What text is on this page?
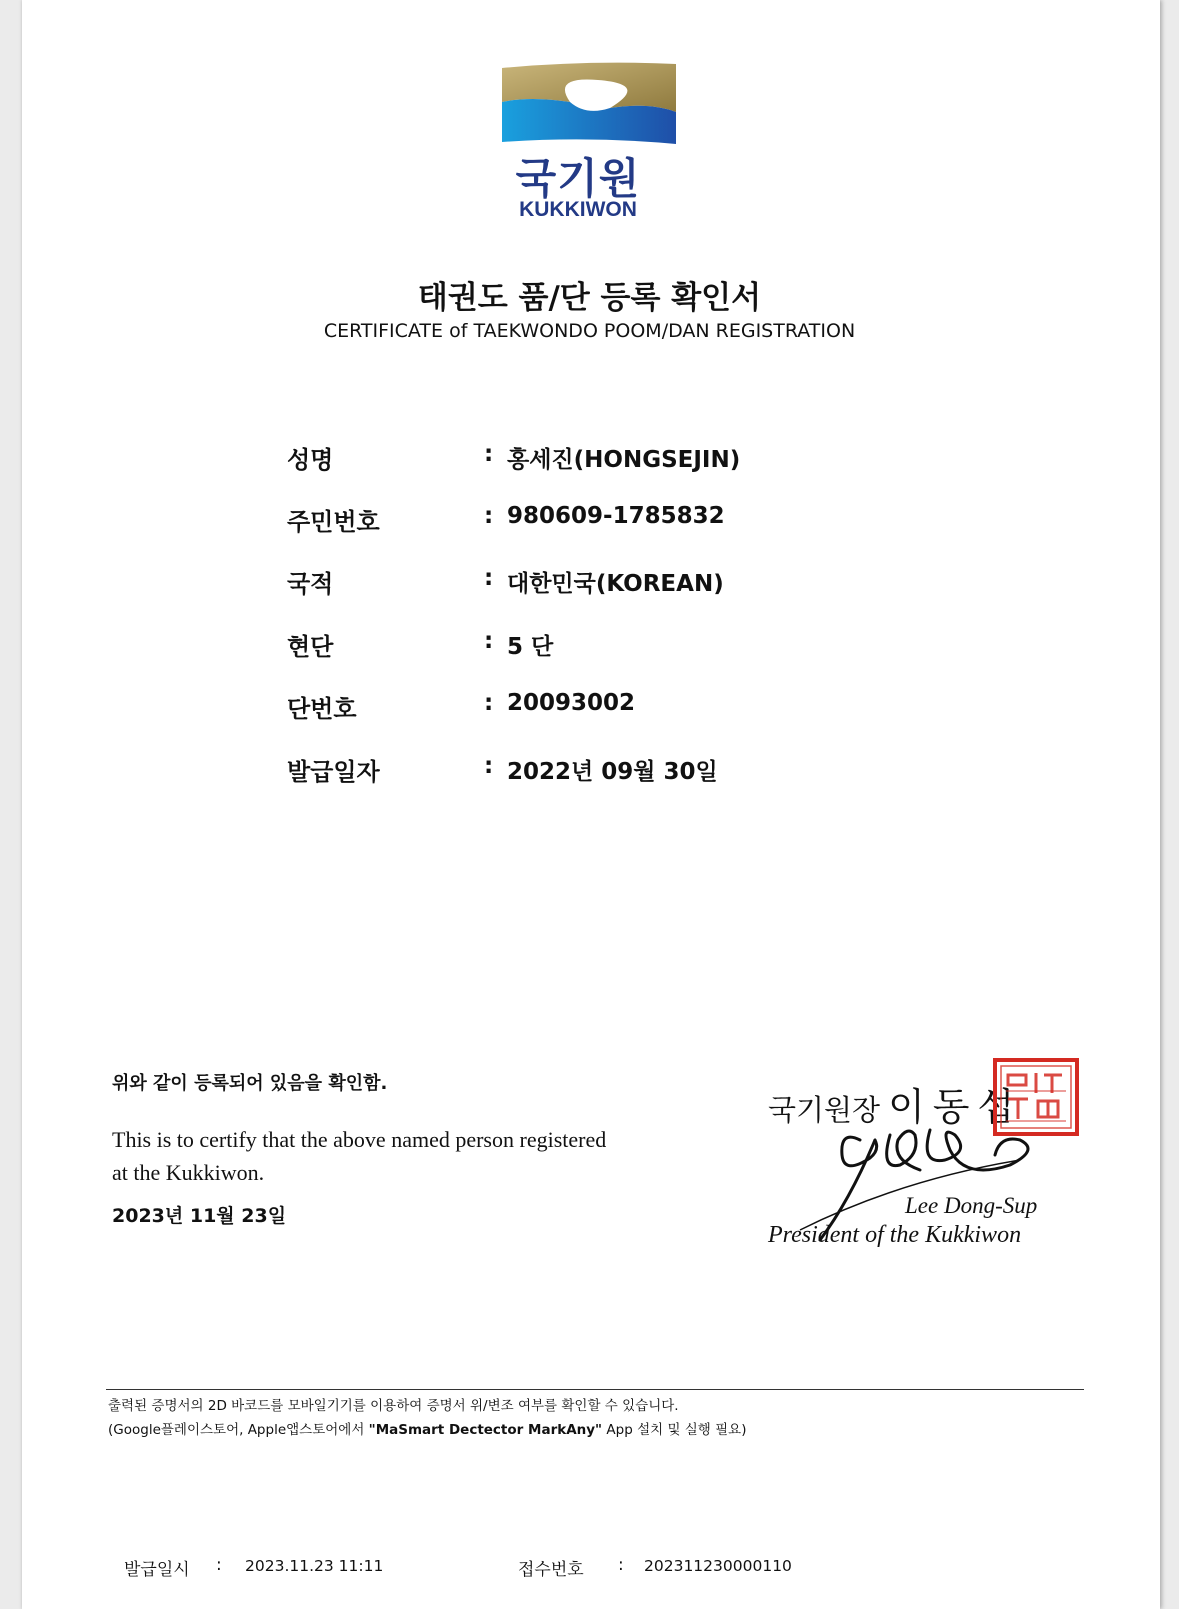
국기원
KUKKIWON
태권도 품/단 등록 확인서
CERTIFICATE of TAEKWONDO POOM/DAN REGISTRATION
성명	: 홍세진(HONGSEJIN)
주민번호	: 980609-1785832
국적	: 대한민국(KOREAN)
현단	: 5 단
단번호	: 20093002
발급일자	: 2022년 09월 30일
위와 같이 등록되어 있음을 확인함.
This is to certify that the above named person registered at the Kukkiwon.
2023년 11월 23일
국기원장 이동섭
Lee Dong-Sup
President of the Kukkiwon
출력된 증명서의 2D 바코드를 모바일기기를 이용하여 증명서 위/변조 여부를 확인할 수 있습니다.
(Google플레이스토어, Apple앱스토어에서 "MaSmart Dectector MarkAny" App 설치 및 실행 필요)
발급일시 : 2023.11.23 11:11	접수번호 : 202311230000110
